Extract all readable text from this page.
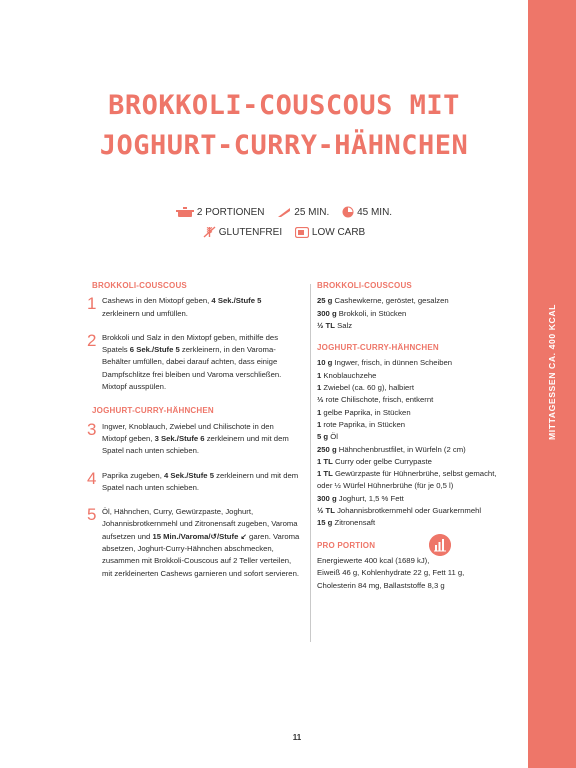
MITTAGESSEN CA. 400 KCAL
BROKKOLI-COUSCOUS MIT
JOGHURT-CURRY-HÄHNCHEN
2 PORTIONEN
	25 MIN.
	45 MIN.
GLUTENFREI
	LOW CARB
BROKKOLI-COUSCOUS
1 Cashews in den Mixtopf geben, 4 Sek./Stufe 5 zerkleinern und umfüllen.
2 Brokkoli und Salz in den Mixtopf geben, mithilfe des Spatels 6 Sek./Stufe 5 zerkleinern, in den Varoma-Behälter umfüllen, dabei darauf achten, dass einige Dampfschlitze frei bleiben und Varoma verschließen. Mixtopf ausspülen.
JOGHURT-CURRY-HÄHNCHEN
3 Ingwer, Knoblauch, Zwiebel und Chilischote in den Mixtopf geben, 3 Sek./Stufe 6 zerkleinern und mit dem Spatel nach unten schieben.
4 Paprika zugeben, 4 Sek./Stufe 5 zerkleinern und mit dem Spatel nach unten schieben.
5 Öl, Hähnchen, Curry, Gewürzpaste, Joghurt, Johannisbrotkernmehl und Zitronensaft zugeben, Varoma aufsetzen und 15 Min./Varoma/↺/Stufe ↙ garen. Varoma absetzen, Joghurt-Curry-Hähnchen abschmecken, zusammen mit Brokkoli-Couscous auf 2 Teller verteilen, mit zerkleinerten Cashews garnieren und sofort servieren.
BROKKOLI-COUSCOUS
25 g Cashewkerne, geröstet, gesalzen
300 g Brokkoli, in Stücken
½ TL Salz
JOGHURT-CURRY-HÄHNCHEN
10 g Ingwer, frisch, in dünnen Scheiben
1 Knoblauchzehe
1 Zwiebel (ca. 60 g), halbiert
⅓ rote Chilischote, frisch, entkernt
1 gelbe Paprika, in Stücken
1 rote Paprika, in Stücken
5 g Öl
250 g Hähnchenbrustfilet, in Würfeln (2 cm)
1 TL Curry oder gelbe Currypaste
1 TL Gewürzpaste für Hühnerbrühe, selbst gemacht, oder ½ Würfel Hühnerbrühe (für je 0,5 l)
300 g Joghurt, 1,5 % Fett
½ TL Johannisbrotkernmehl oder Guarkernmehl
15 g Zitronensaft
PRO PORTION
Energiewerte 400 kcal (1689 kJ),
Eiweiß 46 g, Kohlenhydrate 22 g, Fett 11 g,
Cholesterin 84 mg, Ballaststoffe 8,3 g
11
